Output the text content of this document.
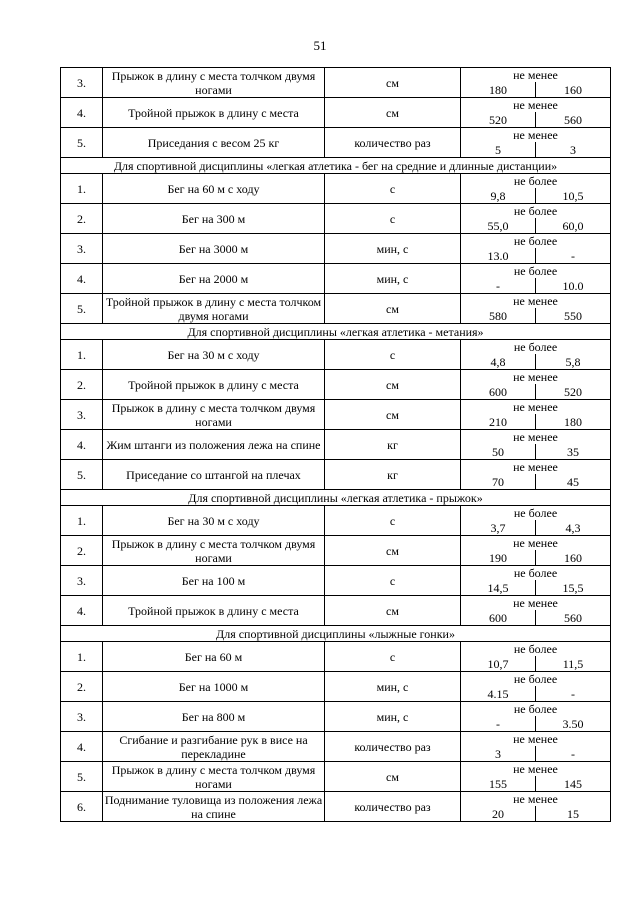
51
3.	Прыжок в длину с места толчком двумя ногами	см	не менее	
			180	160
4.	Тройной прыжок в длину с места	см	не менее	
			520	560
5.	Приседания с весом 25 кг	количество раз	не менее	
			5	3
Для спортивной дисциплины «легкая атлетика - бег на средние и длинные дистанции»				
1.	Бег на 60 м с ходу	с	не более	
			9,8	10,5
2.	Бег на 300 м	с	не более	
			55,0	60,0
3.	Бег на 3000 м	мин, с	не более	
			13.0	-
4.	Бег на 2000 м	мин, с	не более	
			-	10.0
5.	Тройной прыжок в длину с места толчком двумя ногами	см	не менее	
			580	550
Для спортивной дисциплины «легкая атлетика - метания»				
1.	Бег на 30 м с ходу	с	не более	
			4,8	5,8
2.	Тройной прыжок в длину с места	см	не менее	
			600	520
3.	Прыжок в длину с места толчком двумя ногами	см	не менее	
			210	180
4.	Жим штанги из положения лежа на спине	кг	не менее	
			50	35
5.	Приседание со штангой на плечах	кг	не менее	
			70	45
Для спортивной дисциплины «легкая атлетика - прыжок»				
1.	Бег на 30 м с ходу	с	не более	
			3,7	4,3
2.	Прыжок в длину с места толчком двумя ногами	см	не менее	
			190	160
3.	Бег на 100 м	с	не более	
			14,5	15,5
4.	Тройной прыжок в длину с места	см	не менее	
			600	560
Для спортивной дисциплины «лыжные гонки»				
1.	Бег на 60 м	с	не более	
			10,7	11,5
2.	Бег на 1000 м	мин, с	не более	
			4.15	-
3.	Бег на 800 м	мин, с	не более	
			-	3.50
4.	Сгибание и разгибание рук в висе на перекладине	количество раз	не менее	
			3	-
5.	Прыжок в длину с места толчком двумя ногами	см	не менее	
			155	145
6.	Поднимание туловища из положения лежа на спине	количество раз	не менее	
			20	15
